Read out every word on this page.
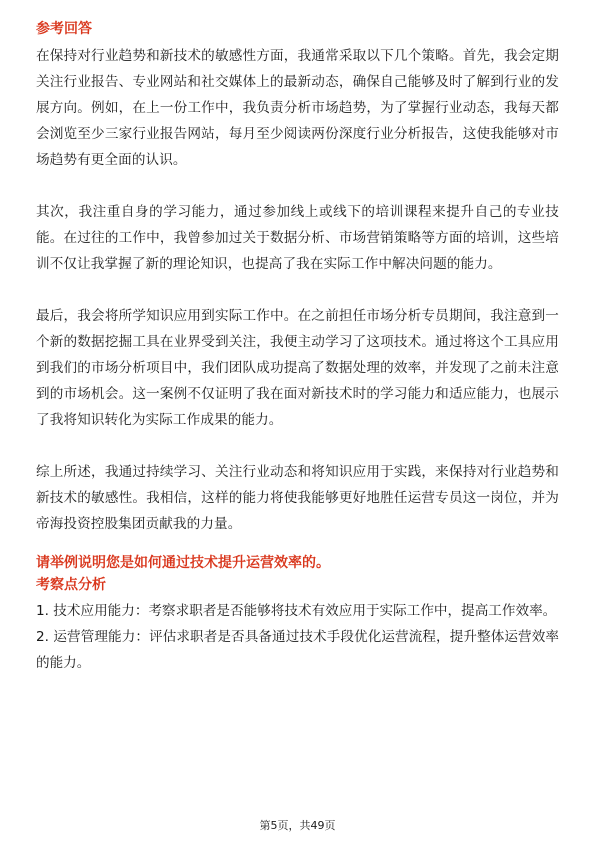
参考回答

在保持对行业趋势和新技术的敏感性方面，我通常采取以下几个策略。首先，我会定期关注行业报告、专业网站和社交媒体上的最新动态，确保自己能够及时了解到行业的发展方向。例如，在上一份工作中，我负责分析市场趋势，为了掌握行业动态，我每天都会浏览至少三家行业报告网站，每月至少阅读两份深度行业分析报告，这使我能够对市场趋势有更全面的认识。

其次，我注重自身的学习能力，通过参加线上或线下的培训课程来提升自己的专业技能。在过往的工作中，我曾参加过关于数据分析、市场营销策略等方面的培训，这些培训不仅让我掌握了新的理论知识，也提高了我在实际工作中解决问题的能力。

最后，我会将所学知识应用到实际工作中。在之前担任市场分析专员期间，我注意到一个新的数据挖掘工具在业界受到关注，我便主动学习了这项技术。通过将这个工具应用到我们的市场分析项目中，我们团队成功提高了数据处理的效率，并发现了之前未注意到的市场机会。这一案例不仅证明了我在面对新技术时的学习能力和适应能力，也展示了我将知识转化为实际工作成果的能力。

综上所述，我通过持续学习、关注行业动态和将知识应用于实践，来保持对行业趋势和新技术的敏感性。我相信，这样的能力将使我能够更好地胜任运营专员这一岗位，并为帝海投资控股集团贡献我的力量。

请举例说明您是如何通过技术提升运营效率的。
考察点分析

1. 技术应用能力：考察求职者是否能够将技术有效应用于实际工作中，提高工作效率。

2. 运营管理能力：评估求职者是否具备通过技术手段优化运营流程，提升整体运营效率的能力。

第5页，共49页
